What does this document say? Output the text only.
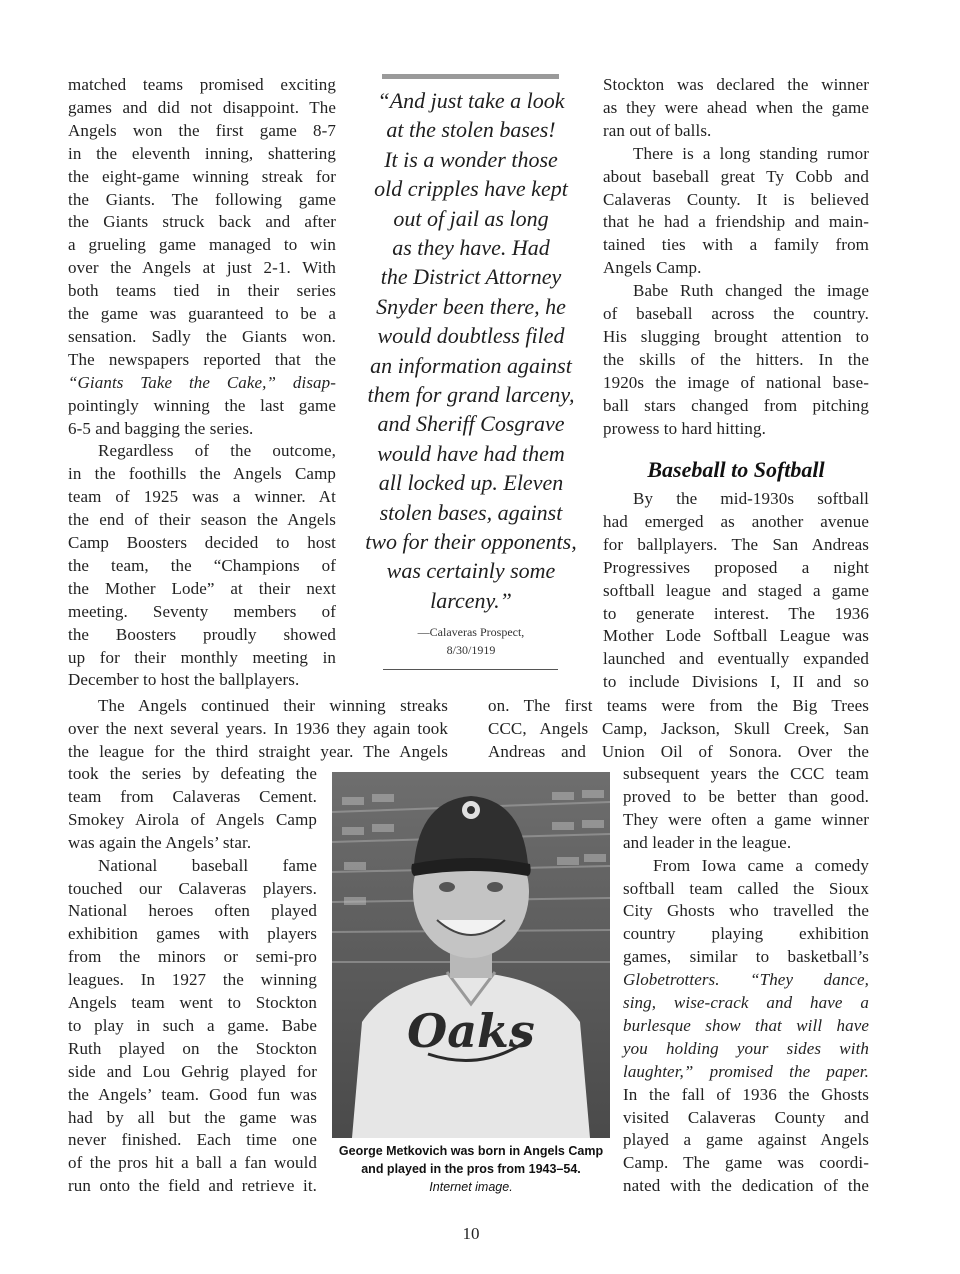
matched teams promised exciting
games and did not disappoint. The
Angels won the first game 8-7
in the eleventh inning, shattering
the eight-game winning streak for
the Giants. The following game
the Giants struck back and after
a grueling game managed to win
over the Angels at just 2-1. With
both teams tied in their series
the game was guaranteed to be a
sensation. Sadly the Giants won.
The newspapers reported that the
“Giants Take the Cake,” disap-
pointingly winning the last game
6-5 and bagging the series.
Regardless of the outcome,
in the foothills the Angels Camp
team of 1925 was a winner. At
the end of their season the Angels
Camp Boosters decided to host
the team, the “Champions of
the Mother Lode” at their next
meeting. Seventy members of
the Boosters proudly showed
up for their monthly meeting in
December to host the ballplayers.
“And just take a look
at the stolen bases!
It is a wonder those
old cripples have kept
out of jail as long
as they have. Had
the District Attorney
Snyder been there, he
would doubtless filed
an information against
them for grand larceny,
and Sheriff Cosgrave
would have had them
all locked up. Eleven
stolen bases, against
two for their opponents,
was certainly some
larceny.”
—Calaveras Prospect,
8/30/1919
Stockton was declared the winner
as they were ahead when the game
ran out of balls.
There is a long standing rumor
about baseball great Ty Cobb and
Calaveras County. It is believed
that he had a friendship and main-
tained ties with a family from
Angels Camp.
Babe Ruth changed the image
of baseball across the country.
His slugging brought attention to
the skills of the hitters. In the
1920s the image of national base-
ball stars changed from pitching
prowess to hard hitting.
Baseball to Softball
By the mid-1930s softball
had emerged as another avenue
for ballplayers. The San Andreas
Progressives proposed a night
softball league and staged a game
to generate interest. The 1936
Mother Lode Softball League was
launched and eventually expanded
to include Divisions I, II and so
The Angels continued their winning streaks on. The first teams were from the Big Trees
over the next several years. In 1936 they again took CCC, Angels Camp, Jackson, Skull Creek, San
the league for the third straight year. The Angels Andreas and Union Oil of Sonora. Over the
took the series by defeating the
team from Calaveras Cement.
Smokey Airola of Angels Camp
was again the Angels’ star.
National baseball fame
touched our Calaveras players.
National heroes often played
exhibition games with players
from the minors or semi-pro
leagues. In 1927 the winning
Angels team went to Stockton
to play in such a game. Babe
Ruth played on the Stockton
side and Lou Gehrig played for
the Angels’ team. Good fun was
had by all but the game was
never finished. Each time one
of the pros hit a ball a fan would
run onto the field and retrieve it.
subsequent years the CCC team
proved to be better than good.
They were often a game winner
and leader in the league.
From Iowa came a comedy
softball team called the Sioux
City Ghosts who travelled the
country playing exhibition
games, similar to basketball’s
Globetrotters. “They dance,
sing, wise-crack and have a
burlesque show that will have
you holding your sides with
laughter,” promised the paper.
In the fall of 1936 the Ghosts
visited Calaveras County and
played a game against Angels
Camp. The game was coordi-
nated with the dedication of the
Oaks
George Metkovich was born in Angels Camp
and played in the pros from 1943–54.
Internet image.
10
